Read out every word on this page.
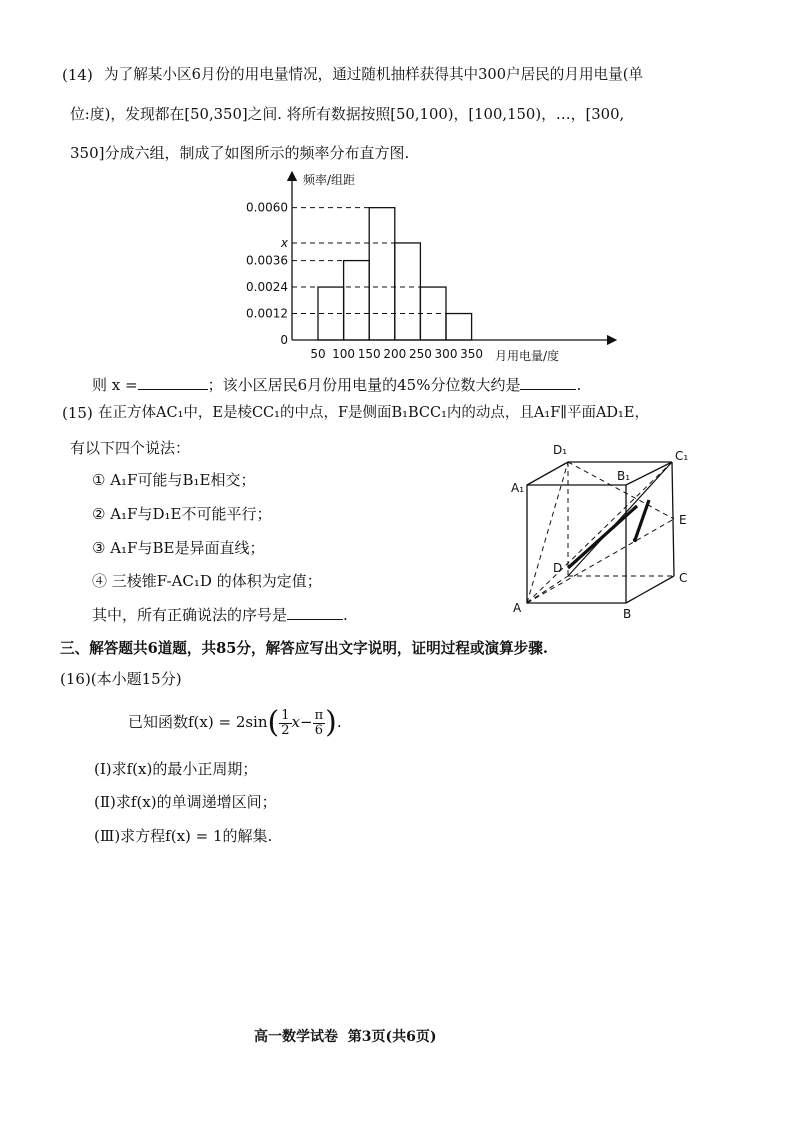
(14) 为了解某小区6月份的用电量情况，通过随机抽样获得其中300户居民的月用电量(单
位:度)，发现都在[50,350]之间. 将所有数据按照[50,100)，[100,150)，…，[300,
350]分成六组，制成了如图所示的频率分布直方图.
0
0.0012
0.0024
0.0036
x
0.0060
50 100 150 200 250 300 350
频率/组距
月用电量/度
则 x =	；该小区居民6月份用电量的45%分位数大约是	.
(15) 在正方体AC₁中，E是棱CC₁的中点，F是侧面B₁BCC₁内的动点，且A₁F∥平面AD₁E，
有以下四个说法：
① A₁F可能与B₁E相交；
② A₁F与D₁E不可能平行；
③ A₁F与BE是异面直线；
④ 三棱锥F-AC₁D 的体积为定值；
其中，所有正确说法的序号是	.
D₁	C₁
A₁
B₁
E
D
C
A	B
三、解答题共6道题，共85分，解答应写出文字说明，证明过程或演算步骤.
(16)(本小题15分)
已知函数$f(x) = 2\sin( \frac{1}{2} x- \frac{\pi}{6}$ ).
(Ⅰ)求f(x)的最小正周期；
(Ⅱ)求f(x)的单调递增区间；
(Ⅲ)求方程f(x) = 1的解集.
高一数学试卷  第3页(共6页)
